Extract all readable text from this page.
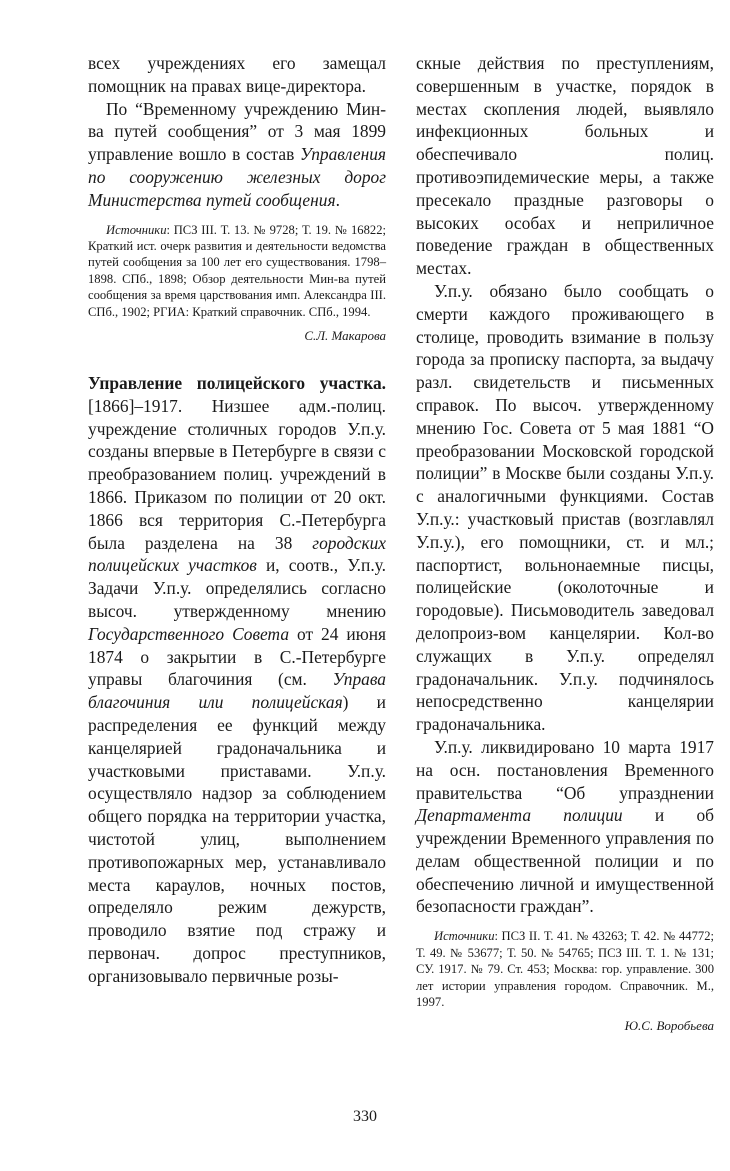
всех учреждениях его замещал помощник на правах вице-директора.

По “Временному учреждению Мин-ва путей сообщения” от 3 мая 1899 управление вошло в состав Управления по сооружению железных дорог Министерства путей сообщения.

Источники: ПСЗ III. Т. 13. № 9728; Т. 19. № 16822; Краткий ист. очерк развития и деятельности ведомства путей сообщения за 100 лет его существования. 1798–1898. СПб., 1898; Обзор деятельности Мин-ва путей сообщения за время царствования имп. Александра III. СПб., 1902; РГИА: Краткий справочник. СПб., 1994.

С.Л. Макарова

Управление полицейского участка. [1866]–1917. Низшее адм.-полиц. учреждение столичных городов У.п.у. созданы впервые в Петербурге в связи с преобразованием полиц. учреждений в 1866. Приказом по полиции от 20 окт. 1866 вся территория С.-Петербурга была разделена на 38 городских полицейских участков и, соотв., У.п.у. Задачи У.п.у. определялись согласно высоч. утвержденному мнению Государственного Совета от 24 июня 1874 о закрытии в С.-Петербурге управы благочиния (см. Управа благочиния или полицейская) и распределения ее функций между канцелярией градоначальника и участковыми приставами. У.п.у. осуществляло надзор за соблюдением общего порядка на территории участка, чистотой улиц, выполнением противопожарных мер, устанавливало места караулов, ночных постов, определяло режим дежурств, проводило взятие под стражу и первонач. допрос преступников, организовывало первичные розы-

скные действия по преступлениям, совершенным в участке, порядок в местах скопления людей, выявляло инфекционных больных и обеспечивало полиц. противоэпидемические меры, а также пресекало праздные разговоры о высоких особах и неприличное поведение граждан в общественных местах.

У.п.у. обязано было сообщать о смерти каждого проживающего в столице, проводить взимание в пользу города за прописку паспорта, за выдачу разл. свидетельств и письменных справок. По высоч. утвержденному мнению Гос. Совета от 5 мая 1881 “О преобразовании Московской городской полиции” в Москве были созданы У.п.у. с аналогичными функциями. Состав У.п.у.: участковый пристав (возглавлял У.п.у.), его помощники, ст. и мл.; паспортист, вольнонаемные писцы, полицейские (околоточные и городовые). Письмоводитель заведовал делопроиз-вом канцелярии. Кол-во служащих в У.п.у. определял градоначальник. У.п.у. подчинялось непосредственно канцелярии градоначальника.

У.п.у. ликвидировано 10 марта 1917 на осн. постановления Временного правительства “Об упразднении Департамента полиции и об учреждении Временного управления по делам общественной полиции и по обеспечению личной и имущественной безопасности граждан”.

Источники: ПСЗ II. Т. 41. № 43263; Т. 42. № 44772; Т. 49. № 53677; Т. 50. № 54765; ПСЗ III. Т. 1. № 131; СУ. 1917. № 79. Ст. 453; Москва: гор. управление. 300 лет истории управления городом. Справочник. М., 1997.

Ю.С. Воробьева

330
